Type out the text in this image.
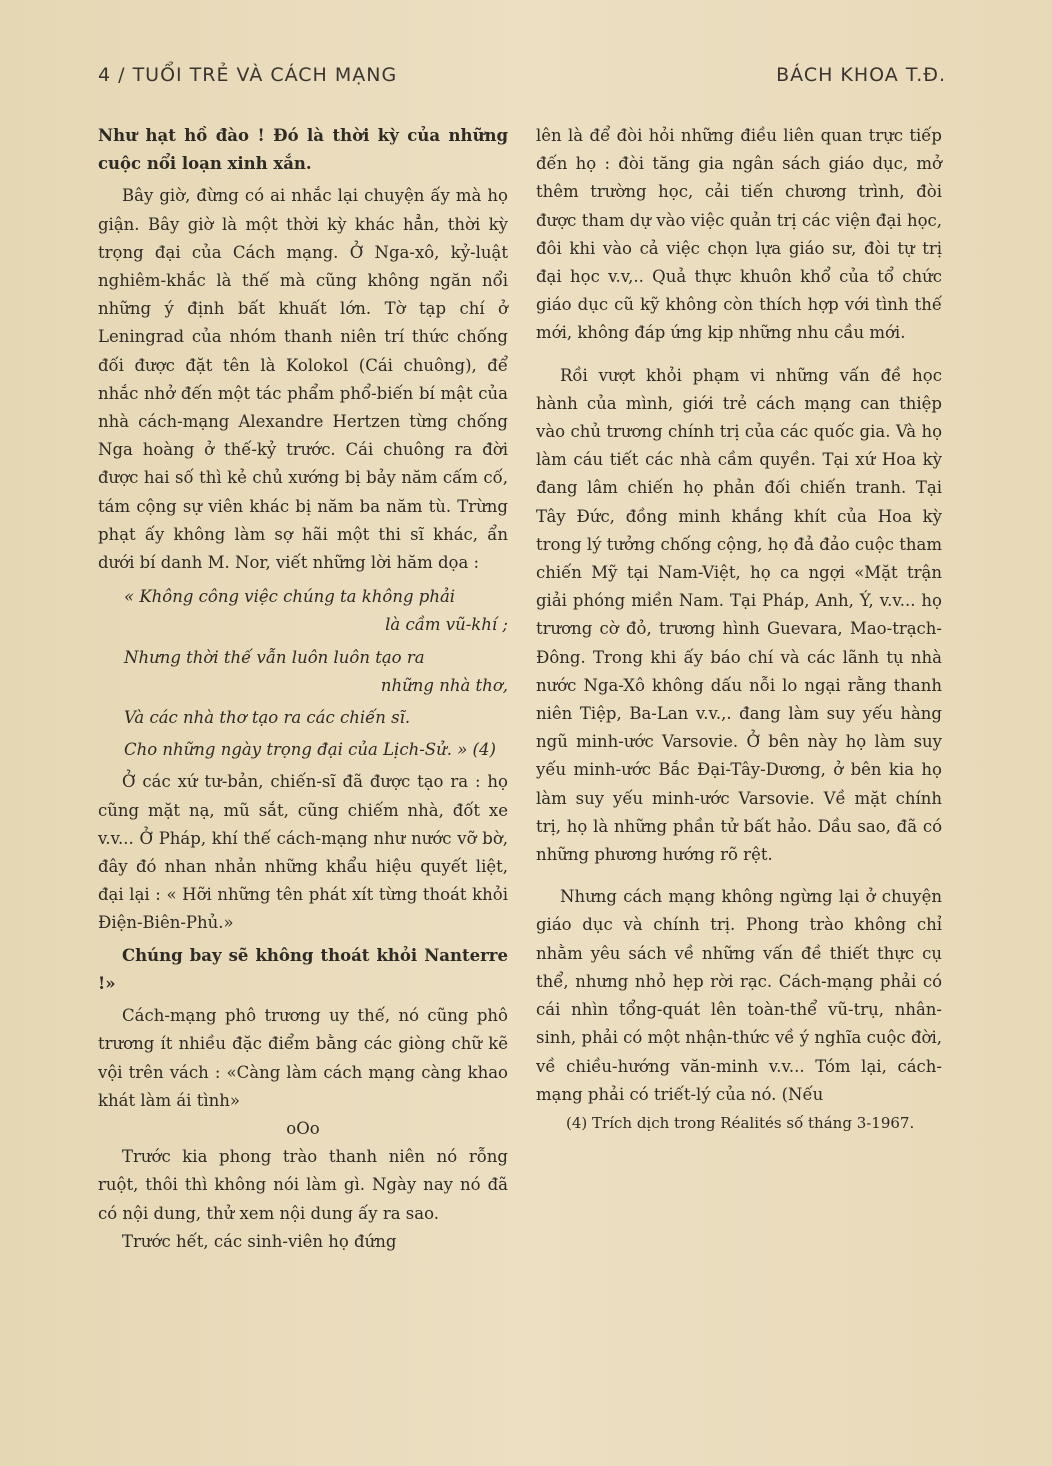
4 / TUỔI TRẺ VÀ CÁCH MẠNG	BÁCH KHOA T.Đ.

Như hạt hồ đào ! Đó là thời kỳ của những cuộc nổi loạn xinh xắn.

Bây giờ, đừng có ai nhắc lại chuyện ấy mà họ giận. Bây giờ là một thời kỳ khác hẳn, thời kỳ trọng đại của Cách mạng. Ở Nga-xô, kỷ-luật nghiêm-khắc là thế mà cũng không ngăn nổi những ý định bất khuất lớn. Tờ tạp chí ở Leningrad của nhóm thanh niên trí thức chống đối được đặt tên là Kolokol (Cái chuông), để nhắc nhở đến một tác phẩm phổ-biến bí mật của nhà cách-mạng Alexandre Hertzen từng chống Nga hoàng ở thế-kỷ trước. Cái chuông ra đời được hai số thì kẻ chủ xướng bị bảy năm cấm cố, tám cộng sự viên khác bị năm ba năm tù. Trừng phạt ấy không làm sợ hãi một thi sĩ khác, ẩn dưới bí danh M. Nor, viết những lời hăm dọa :

« Không công việc chúng ta không phải
là cầm vũ-khí ;
Nhưng thời thế vẫn luôn luôn tạo ra
những nhà thơ,
Và các nhà thơ tạo ra các chiến sĩ.
Cho những ngày trọng đại của Lịch-Sử. » (4)

Ở các xứ tư-bản, chiến-sĩ đã được tạo ra : họ cũng mặt nạ, mũ sắt, cũng chiếm nhà, đốt xe v.v... Ở Pháp, khí thế cách-mạng như nước vỡ bờ, đây đó nhan nhản những khẩu hiệu quyết liệt, đại lại : « Hỡi những tên phát xít từng thoát khỏi Điện-Biên-Phủ.»

Chúng bay sẽ không thoát khỏi Nanterre !»

Cách-mạng phô trương uy thế, nó cũng phô trương ít nhiều đặc điểm bằng các giòng chữ kẽ vội trên vách : «Càng làm cách mạng càng khao khát làm ái tình»

oOo

Trước kia phong trào thanh niên nó rỗng ruột, thôi thì không nói làm gì. Ngày nay nó đã có nội dung, thử xem nội dung ấy ra sao.

Trước hết, các sinh-viên họ đứng

lên là để đòi hỏi những điều liên quan trực tiếp đến họ : đòi tăng gia ngân sách giáo dục, mở thêm trường học, cải tiến chương trình, đòi được tham dự vào việc quản trị các viện đại học, đôi khi vào cả việc chọn lựa giáo sư, đòi tự trị đại học v.v,.. Quả thực khuôn khổ của tổ chức giáo dục cũ kỹ không còn thích hợp với tình thế mới, không đáp ứng kịp những nhu cầu mới.

Rồi vượt khỏi phạm vi những vấn đề học hành của mình, giới trẻ cách mạng can thiệp vào chủ trương chính trị của các quốc gia. Và họ làm cáu tiết các nhà cầm quyền. Tại xứ Hoa kỳ đang lâm chiến họ phản đối chiến tranh. Tại Tây Đức, đồng minh khắng khít của Hoa kỳ trong lý tưởng chống cộng, họ đả đảo cuộc tham chiến Mỹ tại Nam-Việt, họ ca ngợi «Mặt trận giải phóng miền Nam. Tại Pháp, Anh, Ý, v.v... họ trương cờ đỏ, trương hình Guevara, Mao-trạch-Đông. Trong khi ấy báo chí và các lãnh tụ nhà nước Nga-Xô không dấu nỗi lo ngại rằng thanh niên Tiệp, Ba-Lan v.v.,. đang làm suy yếu hàng ngũ minh-ước Varsovie. Ở bên này họ làm suy yếu minh-ước Bắc Đại-Tây-Dương, ở bên kia họ làm suy yếu minh-ước Varsovie. Về mặt chính trị, họ là những phần tử bất hảo. Dầu sao, đã có những phương hướng rõ rệt.

Nhưng cách mạng không ngừng lại ở chuyện giáo dục và chính trị. Phong trào không chỉ nhằm yêu sách về những vấn đề thiết thực cụ thể, nhưng nhỏ hẹp rời rạc. Cách-mạng phải có cái nhìn tổng-quát lên toàn-thể vũ-trụ, nhân-sinh, phải có một nhận-thức về ý nghĩa cuộc đời, về chiều-hướng văn-minh v.v... Tóm lại, cách-mạng phải có triết-lý của nó. (Nếu

(4) Trích dịch trong Réalités số tháng 3-1967.
